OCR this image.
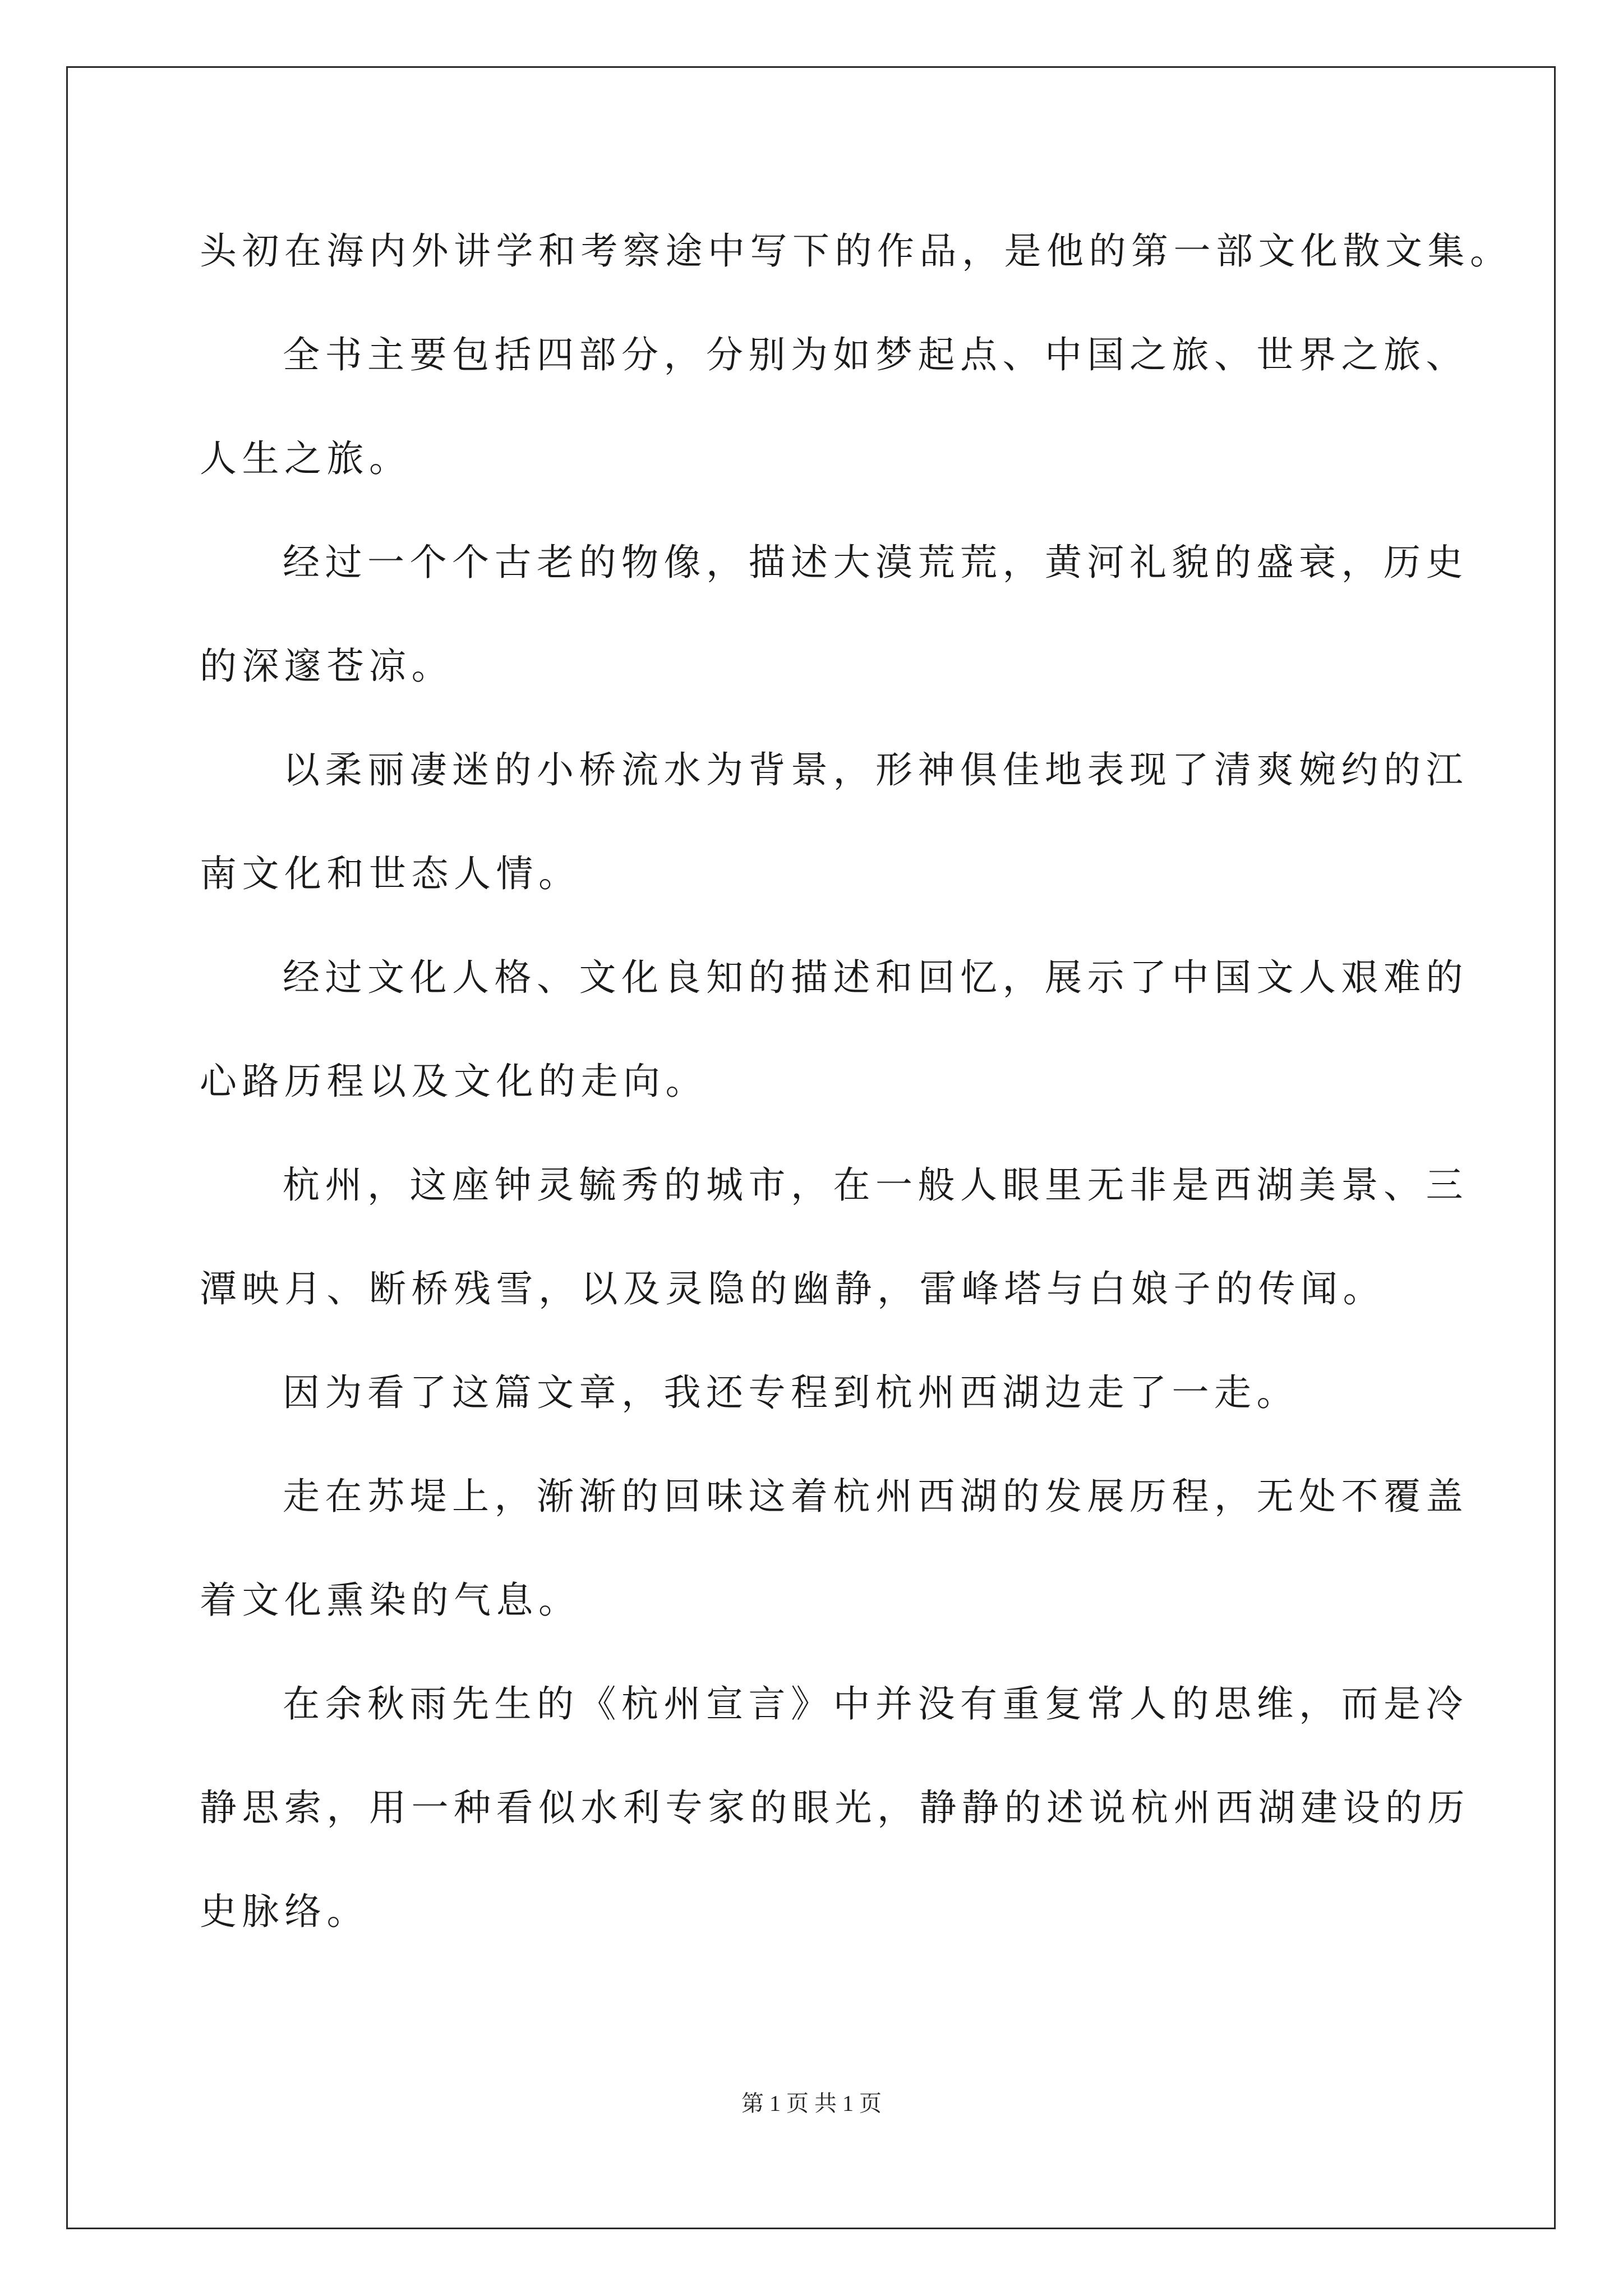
头初在海内外讲学和考察途中写下的作品，是他的第一部文化散文集。
全书主要包括四部分，分别为如梦起点、中国之旅、世界之旅、
人生之旅。
经过一个个古老的物像，描述大漠荒荒，黄河礼貌的盛衰，历史
的深邃苍凉。
以柔丽凄迷的小桥流水为背景，形神俱佳地表现了清爽婉约的江
南文化和世态人情。
经过文化人格、文化良知的描述和回忆，展示了中国文人艰难的
心路历程以及文化的走向。
杭州，这座钟灵毓秀的城市，在一般人眼里无非是西湖美景、三
潭映月、断桥残雪，以及灵隐的幽静，雷峰塔与白娘子的传闻。
因为看了这篇文章，我还专程到杭州西湖边走了一走。
走在苏堤上，渐渐的回味这着杭州西湖的发展历程，无处不覆盖
着文化熏染的气息。
在余秋雨先生的《杭州宣言》中并没有重复常人的思维，而是冷
静思索，用一种看似水利专家的眼光，静静的述说杭州西湖建设的历
史脉络。
第 1 页 共 1 页
